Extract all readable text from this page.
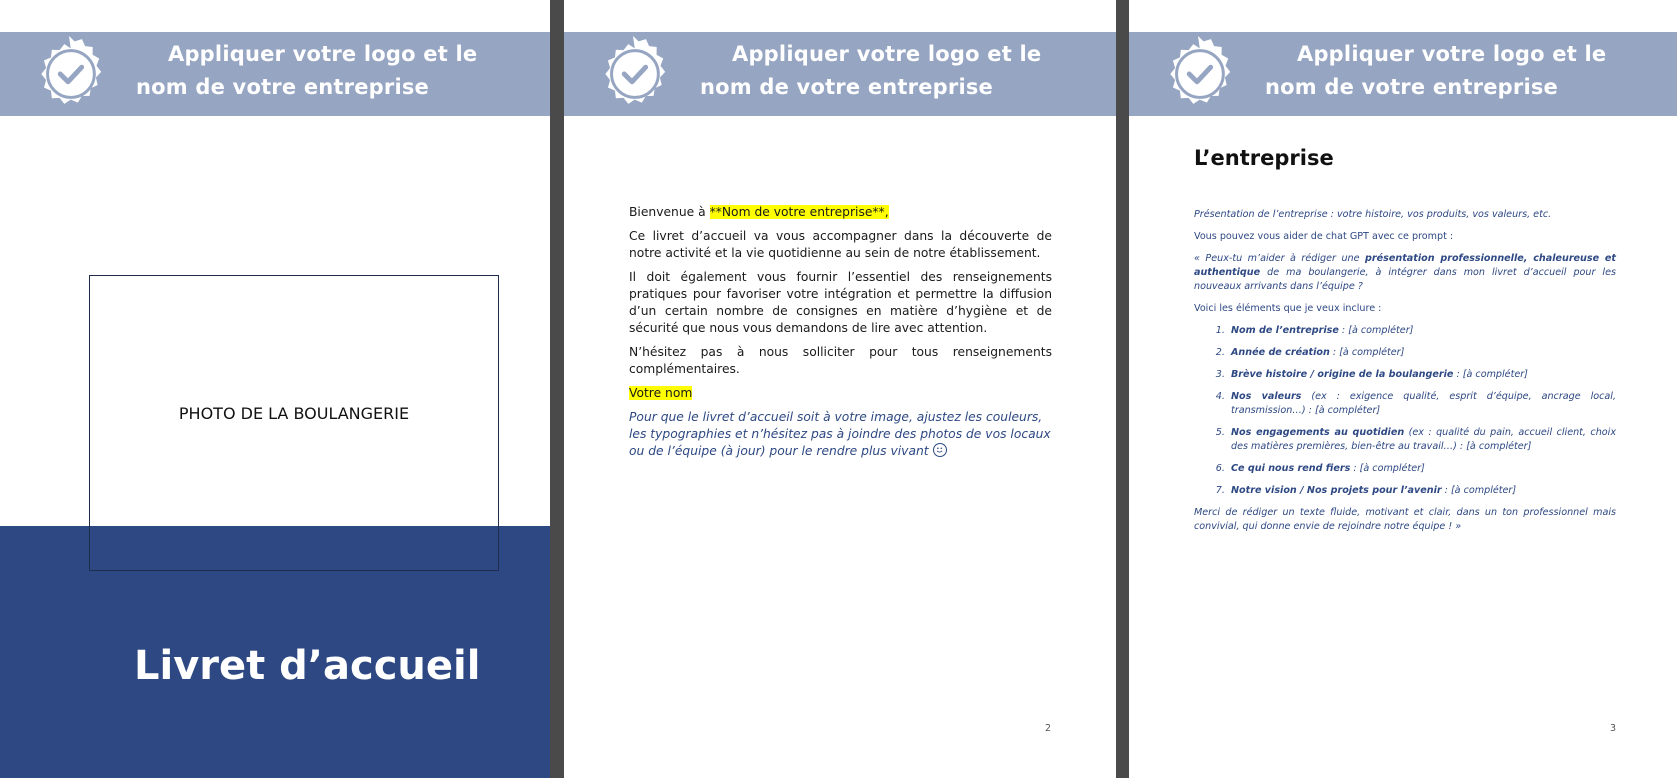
Appliquer votre logo et le nom de votre entreprise
PHOTO DE LA BOULANGERIE
Livret d’accueil
Appliquer votre logo et le nom de votre entreprise

Bienvenue à **Nom de votre entreprise**,

Ce livret d’accueil va vous accompagner dans la découverte de notre activité et la vie quotidienne au sein de notre établissement.

Il doit également vous fournir l’essentiel des renseignements pratiques pour favoriser votre intégration et permettre la diffusion d’un certain nombre de consignes en matière d’hygiène et de sécurité que nous vous demandons de lire avec attention.

N’hésitez pas à nous solliciter pour tous renseignements complémentaires.

Votre nom

Pour que le livret d’accueil soit à votre image, ajustez les couleurs, les typographies et n’hésitez pas à joindre des photos de vos locaux ou de l’équipe (à jour) pour le rendre plus vivant

2
Appliquer votre logo et le nom de votre entreprise
L’entreprise

Présentation de l’entreprise : votre histoire, vos produits, vos valeurs, etc.

Vous pouvez vous aider de chat GPT avec ce prompt :

« Peux-tu m’aider à rédiger une présentation professionnelle, chaleureuse et authentique de ma boulangerie, à intégrer dans mon livret d’accueil pour les nouveaux arrivants dans l’équipe ?

Voici les éléments que je veux inclure :

1. Nom de l’entreprise : [à compléter]
2. Année de création : [à compléter]
3. Brève histoire / origine de la boulangerie : [à compléter]
4. Nos valeurs (ex : exigence qualité, esprit d’équipe, ancrage local, transmission…) : [à compléter]
5. Nos engagements au quotidien (ex : qualité du pain, accueil client, choix des matières premières, bien-être au travail…) : [à compléter]
6. Ce qui nous rend fiers : [à compléter]
7. Notre vision / Nos projets pour l’avenir : [à compléter]

Merci de rédiger un texte fluide, motivant et clair, dans un ton professionnel mais convivial, qui donne envie de rejoindre notre équipe ! »

3
